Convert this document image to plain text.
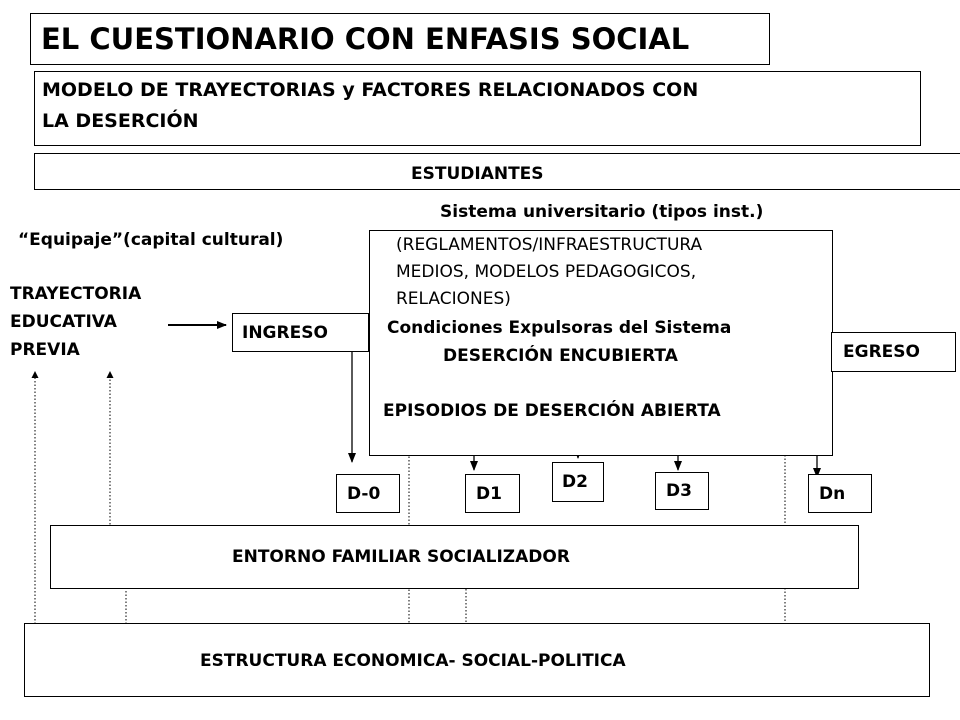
EL CUESTIONARIO CON ENFASIS SOCIAL
MODELO DE TRAYECTORIAS y FACTORES RELACIONADOS CON
LA DESERCIÓN
ESTUDIANTES
Sistema universitario (tipos inst.)
“Equipaje”(capital cultural)	(REGLAMENTOS/INFRAESTRUCTURA
MEDIOS, MODELOS PEDAGOGICOS,
RELACIONES)
Condiciones Expulsoras del Sistema
DESERCIÓN ENCUBIERTA
EPISODIOS DE DESERCIÓN ABIERTA
TRAYECTORIA
EDUCATIVA
PREVIA
INGRESO
EGRESO
D-0	D1
D2	D3	Dn
ENTORNO FAMILIAR SOCIALIZADOR
ESTRUCTURA ECONOMICA- SOCIAL-POLITICA
